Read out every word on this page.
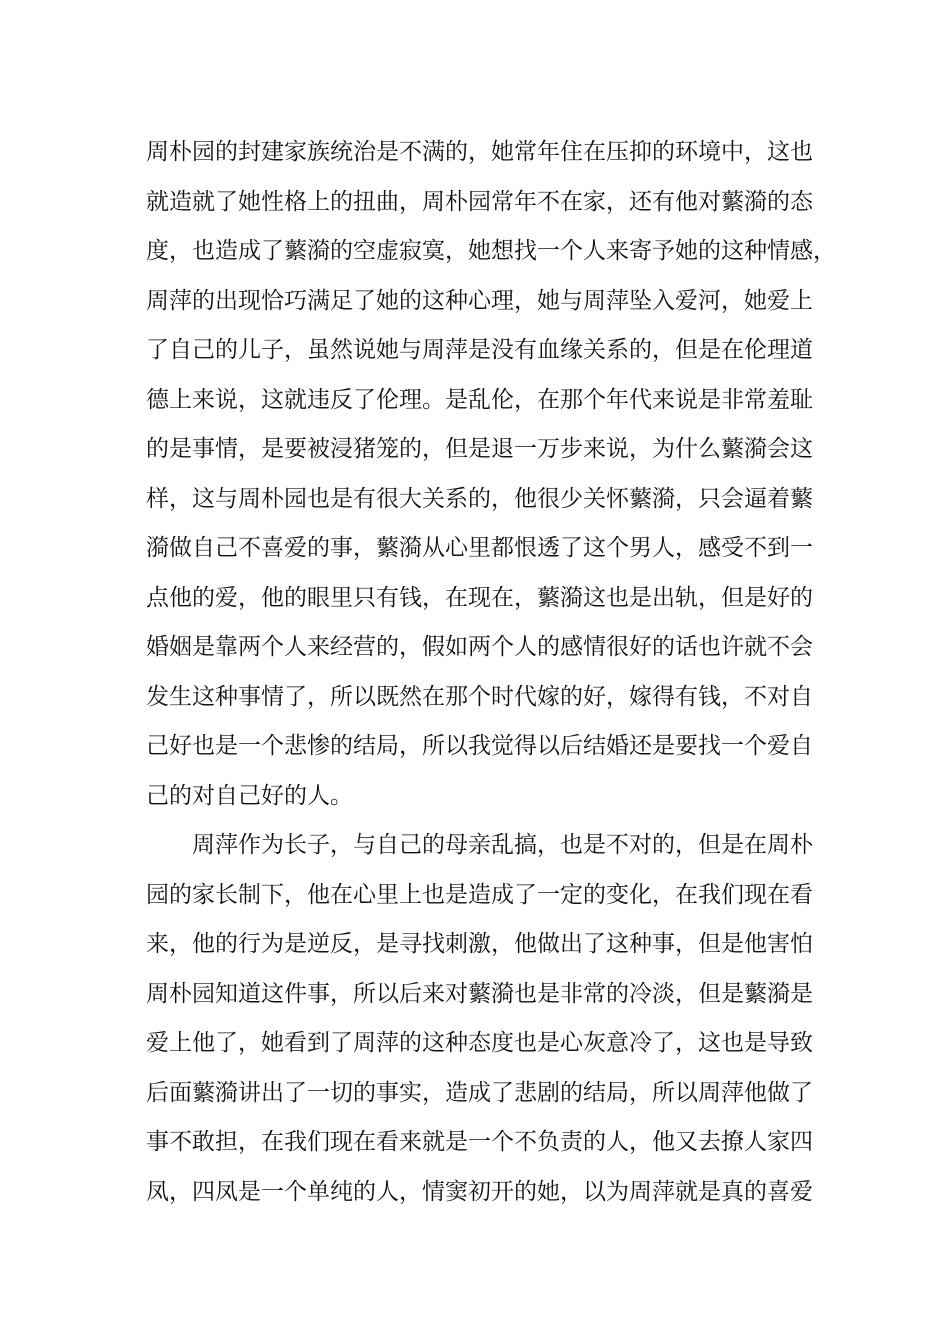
周朴园的封建家族统治是不满的，她常年住在压抑的环境中，这也
就造就了她性格上的扭曲，周朴园常年不在家，还有他对蘩漪的态
度，也造成了蘩漪的空虚寂寞，她想找一个人来寄予她的这种情感，
周萍的出现恰巧满足了她的这种心理，她与周萍坠入爱河，她爱上
了自己的儿子，虽然说她与周萍是没有血缘关系的，但是在伦理道
德上来说，这就违反了伦理。是乱伦，在那个年代来说是非常羞耻
的是事情，是要被浸猪笼的，但是退一万步来说，为什么蘩漪会这
样，这与周朴园也是有很大关系的，他很少关怀蘩漪，只会逼着蘩
漪做自己不喜爱的事，蘩漪从心里都恨透了这个男人，感受不到一
点他的爱，他的眼里只有钱，在现在，蘩漪这也是出轨，但是好的
婚姻是靠两个人来经营的，假如两个人的感情很好的话也许就不会
发生这种事情了，所以既然在那个时代嫁的好，嫁得有钱，不对自
己好也是一个悲惨的结局，所以我觉得以后结婚还是要找一个爱自
己的对自己好的人。
周萍作为长子，与自己的母亲乱搞，也是不对的，但是在周朴
园的家长制下，他在心里上也是造成了一定的变化，在我们现在看
来，他的行为是逆反，是寻找刺激，他做出了这种事，但是他害怕
周朴园知道这件事，所以后来对蘩漪也是非常的冷淡，但是蘩漪是
爱上他了，她看到了周萍的这种态度也是心灰意冷了，这也是导致
后面蘩漪讲出了一切的事实，造成了悲剧的结局，所以周萍他做了
事不敢担，在我们现在看来就是一个不负责的人，他又去撩人家四
凤，四凤是一个单纯的人，情窦初开的她，以为周萍就是真的喜爱
